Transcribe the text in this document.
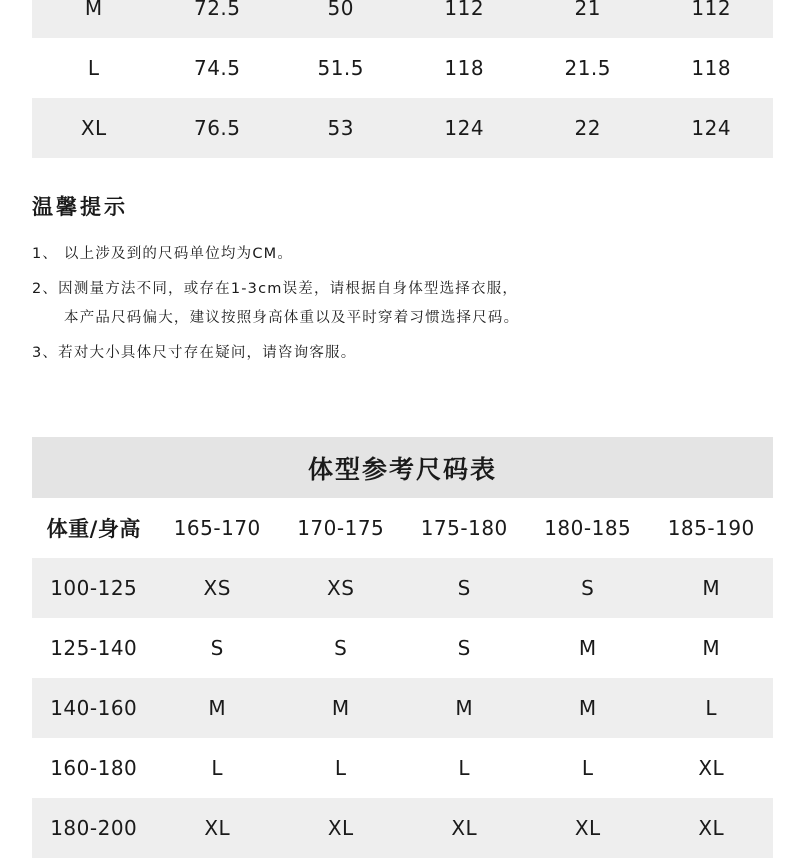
M	72.5	50	112	21	112
L	74.5	51.5	118	21.5	118
XL	76.5	53	124	22	124
温馨提示
1、 以上涉及到的尺码单位均为CM。
2、因测量方法不同，或存在1-3cm误差，请根据自身体型选择衣服，
本产品尺码偏大，建议按照身高体重以及平时穿着习惯选择尺码。
3、若对大小具体尺寸存在疑问，请咨询客服。
体型参考尺码表
体重/身高	165-170	170-175	175-180	180-185	185-190
100-125	XS	XS	S	S	M
125-140	S	S	S	M	M
140-160	M	M	M	M	L
160-180	L	L	L	L	XL
180-200	XL	XL	XL	XL	XL
